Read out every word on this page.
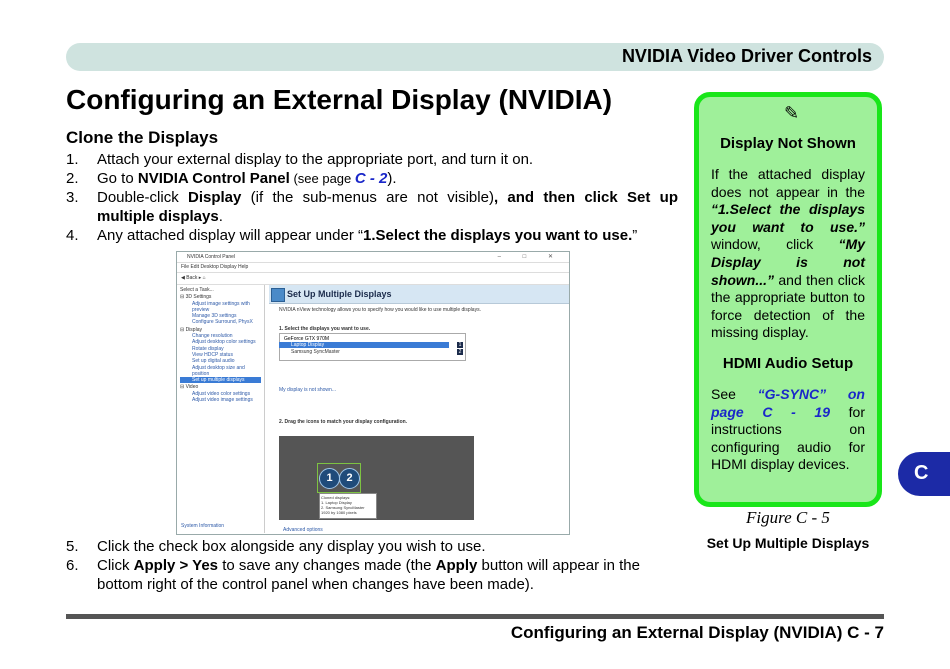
NVIDIA Video Driver Controls
Configuring an External Display (NVIDIA)
Clone the Displays
1. Attach your external display to the appropriate port, and turn it on.
2. Go to NVIDIA Control Panel (see page C - 2).
3. Double-click Display (if the sub-menus are not visible), and then click Set up multiple displays.
4. Any attached display will appear under “1.Select the displays you want to use.”
NVIDIA Control Panel	– □ ✕
File Edit Desktop Display Help
◀ Back ▸ ⌂
Select a Task...
⊟ 3D Settings
Adjust image settings with preview
Manage 3D settings
Configure Surround, PhysX
⊟ Display
Change resolution
Adjust desktop color settings
Rotate display
View HDCP status
Set up digital audio
Adjust desktop size and position
Set up multiple displays
⊟ Video
Adjust video color settings
Adjust video image settings
System Information
Set Up Multiple Displays
NVIDIA nView technology allows you to specify how you would like to use multiple displays.
1. Select the displays you want to use.
GeForce GTX 970M
Laptop Display	1
Samsung SyncMaster	2
My display is not shown...
2. Drag the icons to match your display configuration.
1	2
Cloned displays:
1. Laptop Display
2. Samsung SyncMaster
1920 by 1080 pixels
Advanced options
5. Click the check box alongside any display you wish to use.
6. Click Apply > Yes to save any changes made (the Apply button will appear in the bottom right of the control panel when changes have been made).
✎
Display Not Shown
If the attached display does not appear in the “1.Select the displays you want to use.” window, click “My Display is not shown...” and then click the appropriate button to force detection of the missing display.
HDMI Audio Setup
See “G-SYNC” on page C - 19 for instructions on configuring audio for HDMI display devices.	C
Figure C - 5
Set Up Multiple Displays
Configuring an External Display (NVIDIA) C - 7
